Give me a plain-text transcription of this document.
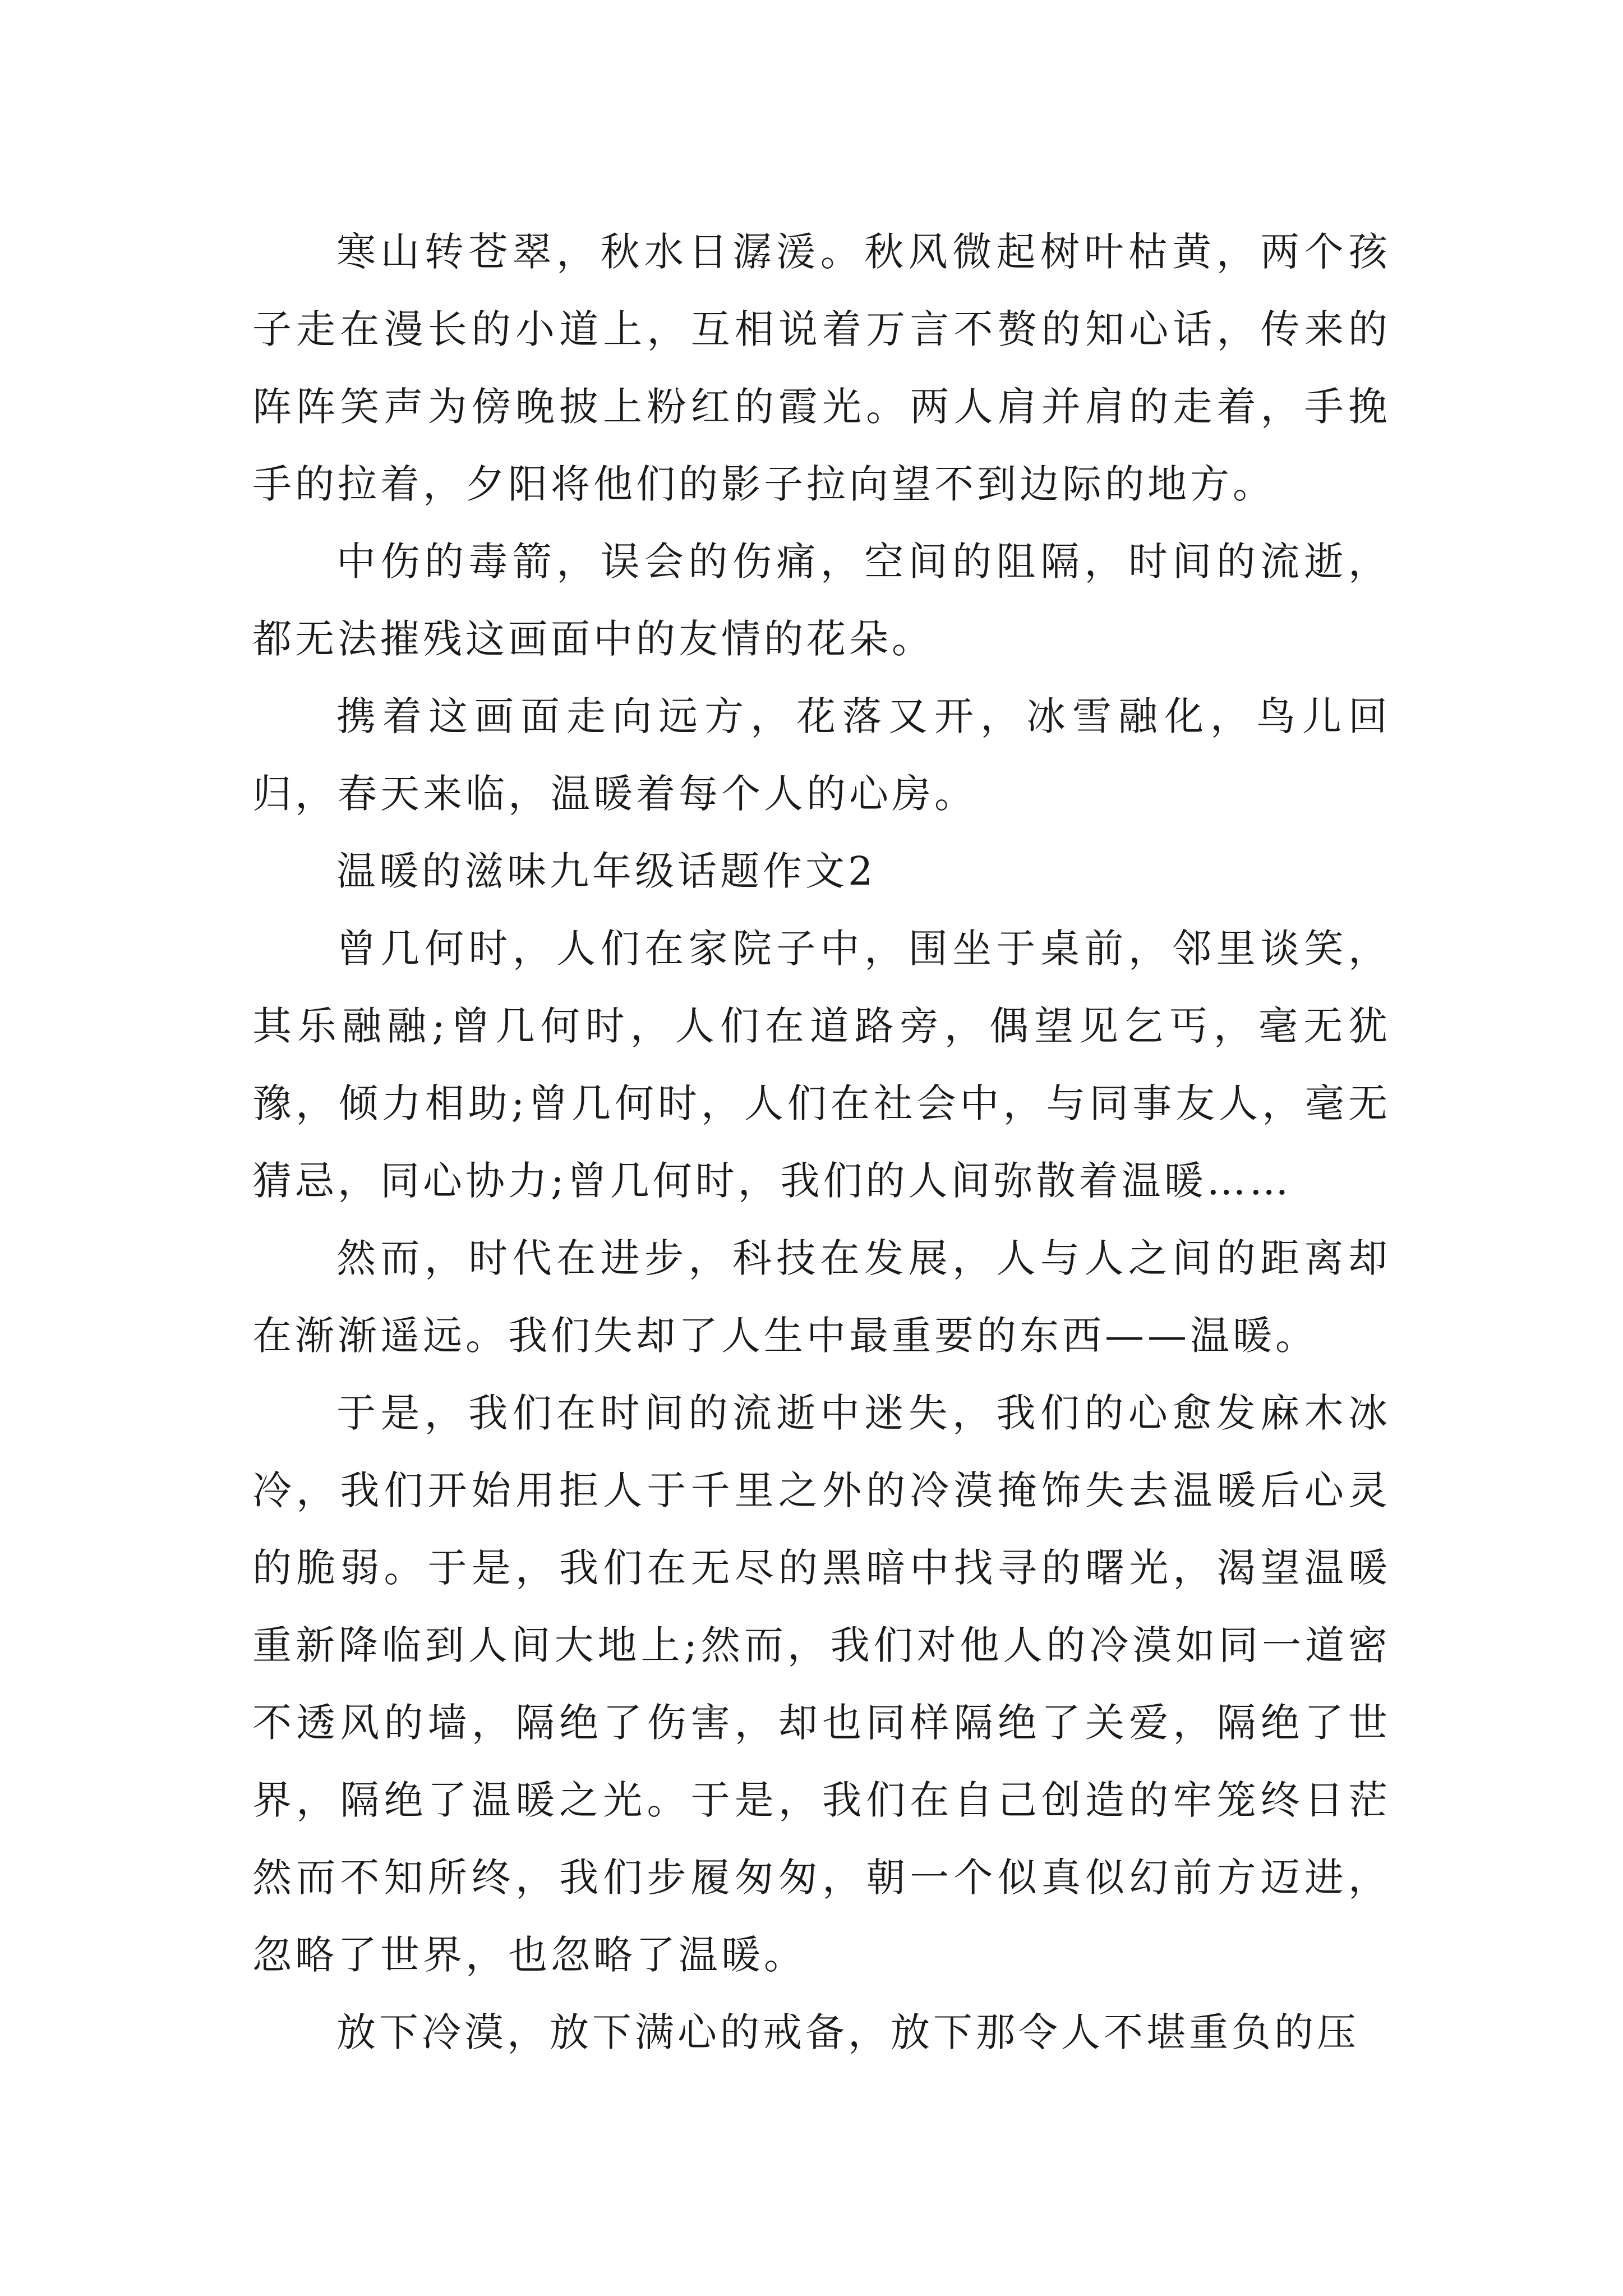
寒山转苍翠，秋水日潺湲。秋风微起树叶枯黄，两个孩子走在漫长的小道上，互相说着万言不赘的知心话，传来的阵阵笑声为傍晚披上粉红的霞光。两人肩并肩的走着，手挽手的拉着，夕阳将他们的影子拉向望不到边际的地方。

中伤的毒箭，误会的伤痛，空间的阻隔，时间的流逝，都无法摧残这画面中的友情的花朵。

携着这画面走向远方，花落又开，冰雪融化，鸟儿回归，春天来临，温暖着每个人的心房。

温暖的滋味九年级话题作文2

曾几何时，人们在家院子中，围坐于桌前，邻里谈笑，其乐融融;曾几何时，人们在道路旁，偶望见乞丐，毫无犹豫，倾力相助;曾几何时，人们在社会中，与同事友人，毫无猜忌，同心协力;曾几何时，我们的人间弥散着温暖……

然而，时代在进步，科技在发展，人与人之间的距离却在渐渐遥远。我们失却了人生中最重要的东西——温暖。

于是，我们在时间的流逝中迷失，我们的心愈发麻木冰冷，我们开始用拒人于千里之外的冷漠掩饰失去温暖后心灵的脆弱。于是，我们在无尽的黑暗中找寻的曙光，渴望温暖重新降临到人间大地上;然而，我们对他人的冷漠如同一道密不透风的墙，隔绝了伤害，却也同样隔绝了关爱，隔绝了世界，隔绝了温暖之光。于是，我们在自己创造的牢笼终日茫然而不知所终，我们步履匆匆，朝一个似真似幻前方迈进，忽略了世界，也忽略了温暖。

放下冷漠，放下满心的戒备，放下那令人不堪重负的压
